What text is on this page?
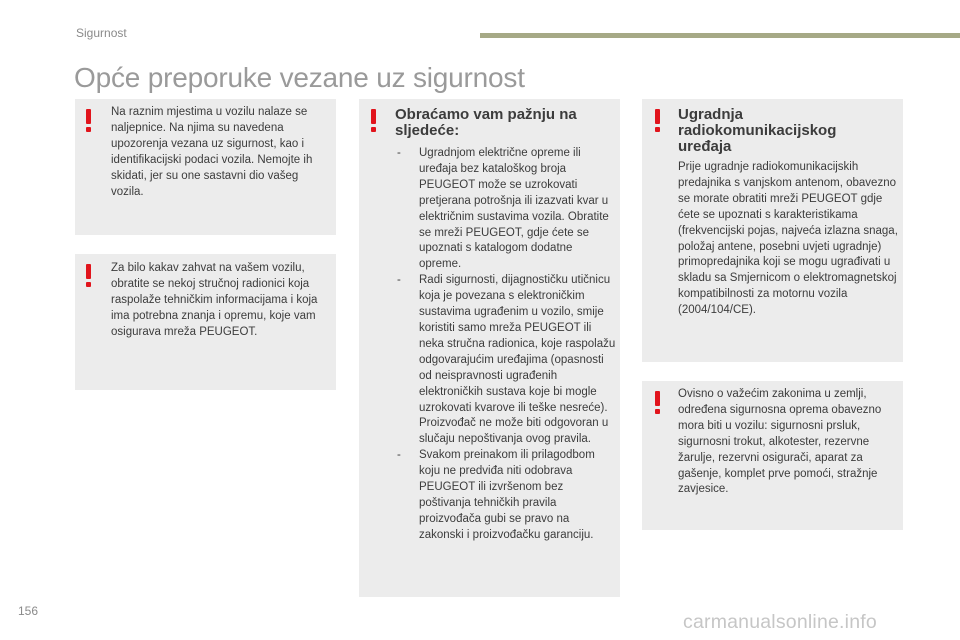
Sigurnost
Opće preporuke vezane uz sigurnost
Na raznim mjestima u vozilu nalaze se naljepnice. Na njima su navedena upozorenja vezana uz sigurnost, kao i identifikacijski podaci vozila. Nemojte ih skidati, jer su one sastavni dio vašeg vozila.
Za bilo kakav zahvat na vašem vozilu, obratite se nekoj stručnoj radionici koja raspolaže tehničkim informacijama i koja ima potrebna znanja i opremu, koje vam osigurava mreža PEUGEOT.
Obraćamo vam pažnju na sljedeće:
- Ugradnjom električne opreme ili uređaja bez kataloškog broja PEUGEOT može se uzrokovati pretjerana potrošnja ili izazvati kvar u električnim sustavima vozila. Obratite se mreži PEUGEOT, gdje ćete se upoznati s katalogom dodatne opreme.
- Radi sigurnosti, dijagnostičku utičnicu koja je povezana s elektroničkim sustavima ugrađenim u vozilo, smije koristiti samo mreža PEUGEOT ili neka stručna radionica, koje raspolažu odgovarajućim uređajima (opasnosti od neispravnosti ugrađenih elektroničkih sustava koje bi mogle uzrokovati kvarove ili teške nesreće). Proizvođač ne može biti odgovoran u slučaju nepoštivanja ovog pravila.
- Svakom preinakom ili prilagodbom koju ne predviđa niti odobrava PEUGEOT ili izvršenom bez poštivanja tehničkih pravila proizvođača gubi se pravo na zakonski i proizvođačku garanciju.
Ugradnja radiokomunikacijskog uređaja
Prije ugradnje radiokomunikacijskih predajnika s vanjskom antenom, obavezno se morate obratiti mreži PEUGEOT gdje ćete se upoznati s karakteristikama (frekvencijski pojas, najveća izlazna snaga, položaj antene, posebni uvjeti ugradnje) primopredajnika koji se mogu ugrađivati u skladu sa Smjernicom o elektromagnetskoj kompatibilnosti za motornu vozila (2004/104/CE).
Ovisno o važećim zakonima u zemlji, određena sigurnosna oprema obavezno mora biti u vozilu: sigurnosni prsluk, sigurnosni trokut, alkotester, rezervne žarulje, rezervni osigurači, aparat za gašenje, komplet prve pomoći, stražnje zavjesice.
156	carmanualsonline.info
